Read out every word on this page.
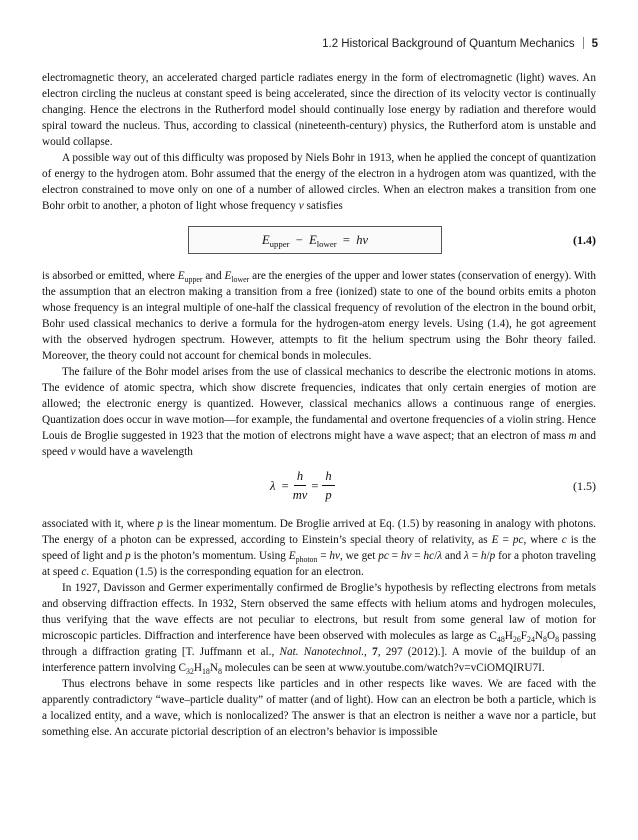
1.2 Historical Background of Quantum Mechanics 5

electromagnetic theory, an accelerated charged particle radiates energy in the form of electromagnetic (light) waves. An electron circling the nucleus at constant speed is being accelerated, since the direction of its velocity vector is continually changing. Hence the electrons in the Rutherford model should continually lose energy by radiation and therefore would spiral toward the nucleus. Thus, according to classical (nineteenth-century) physics, the Rutherford atom is unstable and would collapse.

A possible way out of this difficulty was proposed by Niels Bohr in 1913, when he applied the concept of quantization of energy to the hydrogen atom. Bohr assumed that the energy of the electron in a hydrogen atom was quantized, with the electron constrained to move only on one of a number of allowed circles. When an electron makes a transition from one Bohr orbit to another, a photon of light whose frequency ν satisfies

$E_{upper} - E_{lower} = h\nu$	(1.4)

is absorbed or emitted, where $E_{upper}$ and $E_{lower}$ are the energies of the upper and lower states (conservation of energy). With the assumption that an electron making a transition from a free (ionized) state to one of the bound orbits emits a photon whose frequency is an integral multiple of one-half the classical frequency of revolution of the electron in the bound orbit, Bohr used classical mechanics to derive a formula for the hydrogen-atom energy levels. Using (1.4), he got agreement with the observed hydrogen spectrum. However, attempts to fit the helium spectrum using the Bohr theory failed. Moreover, the theory could not account for chemical bonds in molecules.

The failure of the Bohr model arises from the use of classical mechanics to describe the electronic motions in atoms. The evidence of atomic spectra, which show discrete frequencies, indicates that only certain energies of motion are allowed; the electronic energy is quantized. However, classical mechanics allows a continuous range of energies. Quantization does occur in wave motion—for example, the fundamental and overtone frequencies of a violin string. Hence Louis de Broglie suggested in 1923 that the motion of electrons might have a wave aspect; that an electron of mass m and speed v would have a wavelength

$\lambda = \frac{h}{mv} = \frac{h}{p}$	(1.5)

associated with it, where p is the linear momentum. De Broglie arrived at Eq. (1.5) by reasoning in analogy with photons. The energy of a photon can be expressed, according to Einstein’s special theory of relativity, as E = pc, where c is the speed of light and p is the photon’s momentum. Using $E_{photon} = h\nu$, we get pc = hν = hc/λ and λ = h/p for a photon traveling at speed c. Equation (1.5) is the corresponding equation for an electron.

In 1927, Davisson and Germer experimentally confirmed de Broglie’s hypothesis by reflecting electrons from metals and observing diffraction effects. In 1932, Stern observed the same effects with helium atoms and hydrogen molecules, thus verifying that the wave effects are not peculiar to electrons, but result from some general law of motion for microscopic particles. Diffraction and interference have been observed with molecules as large as $C_{48}H_{26}F_{24}N_8O_8$ passing through a diffraction grating [T. Juffmann et al., Nat. Nanotechnol., 7, 297 (2012).]. A movie of the buildup of an interference pattern involving $C_{32}H_{18}N_8$ molecules can be seen at www.youtube.com/watch?v=vCiOMQIRU7I.

Thus electrons behave in some respects like particles and in other respects like waves. We are faced with the apparently contradictory “wave–particle duality” of matter (and of light). How can an electron be both a particle, which is a localized entity, and a wave, which is nonlocalized? The answer is that an electron is neither a wave nor a particle, but something else. An accurate pictorial description of an electron’s behavior is impossible
